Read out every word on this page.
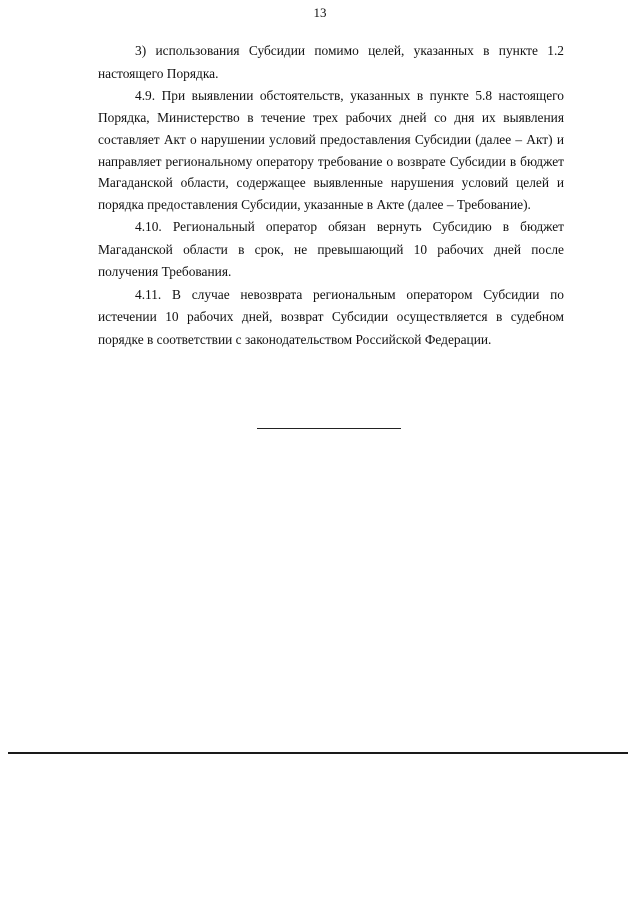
13

3) использования Субсидии помимо целей, указанных в пункте 1.2 настоящего Порядка.

4.9. При выявлении обстоятельств, указанных в пункте 5.8 настоящего Порядка, Министерство в течение трех рабочих дней со дня их выявления составляет Акт о нарушении условий предоставления Субсидии (далее – Акт) и направляет региональному оператору требование о возврате Субсидии в бюджет Магаданской области, содержащее выявленные нарушения условий целей и порядка предоставления Субсидии, указанные в Акте (далее – Требование).

4.10. Региональный оператор обязан вернуть Субсидию в бюджет Магаданской области в срок, не превышающий 10 рабочих дней после получения Требования.

4.11. В случае невозврата региональным оператором Субсидии по истечении 10 рабочих дней, возврат Субсидии осуществляется в судебном порядке в соответствии с законодательством Российской Федерации.
